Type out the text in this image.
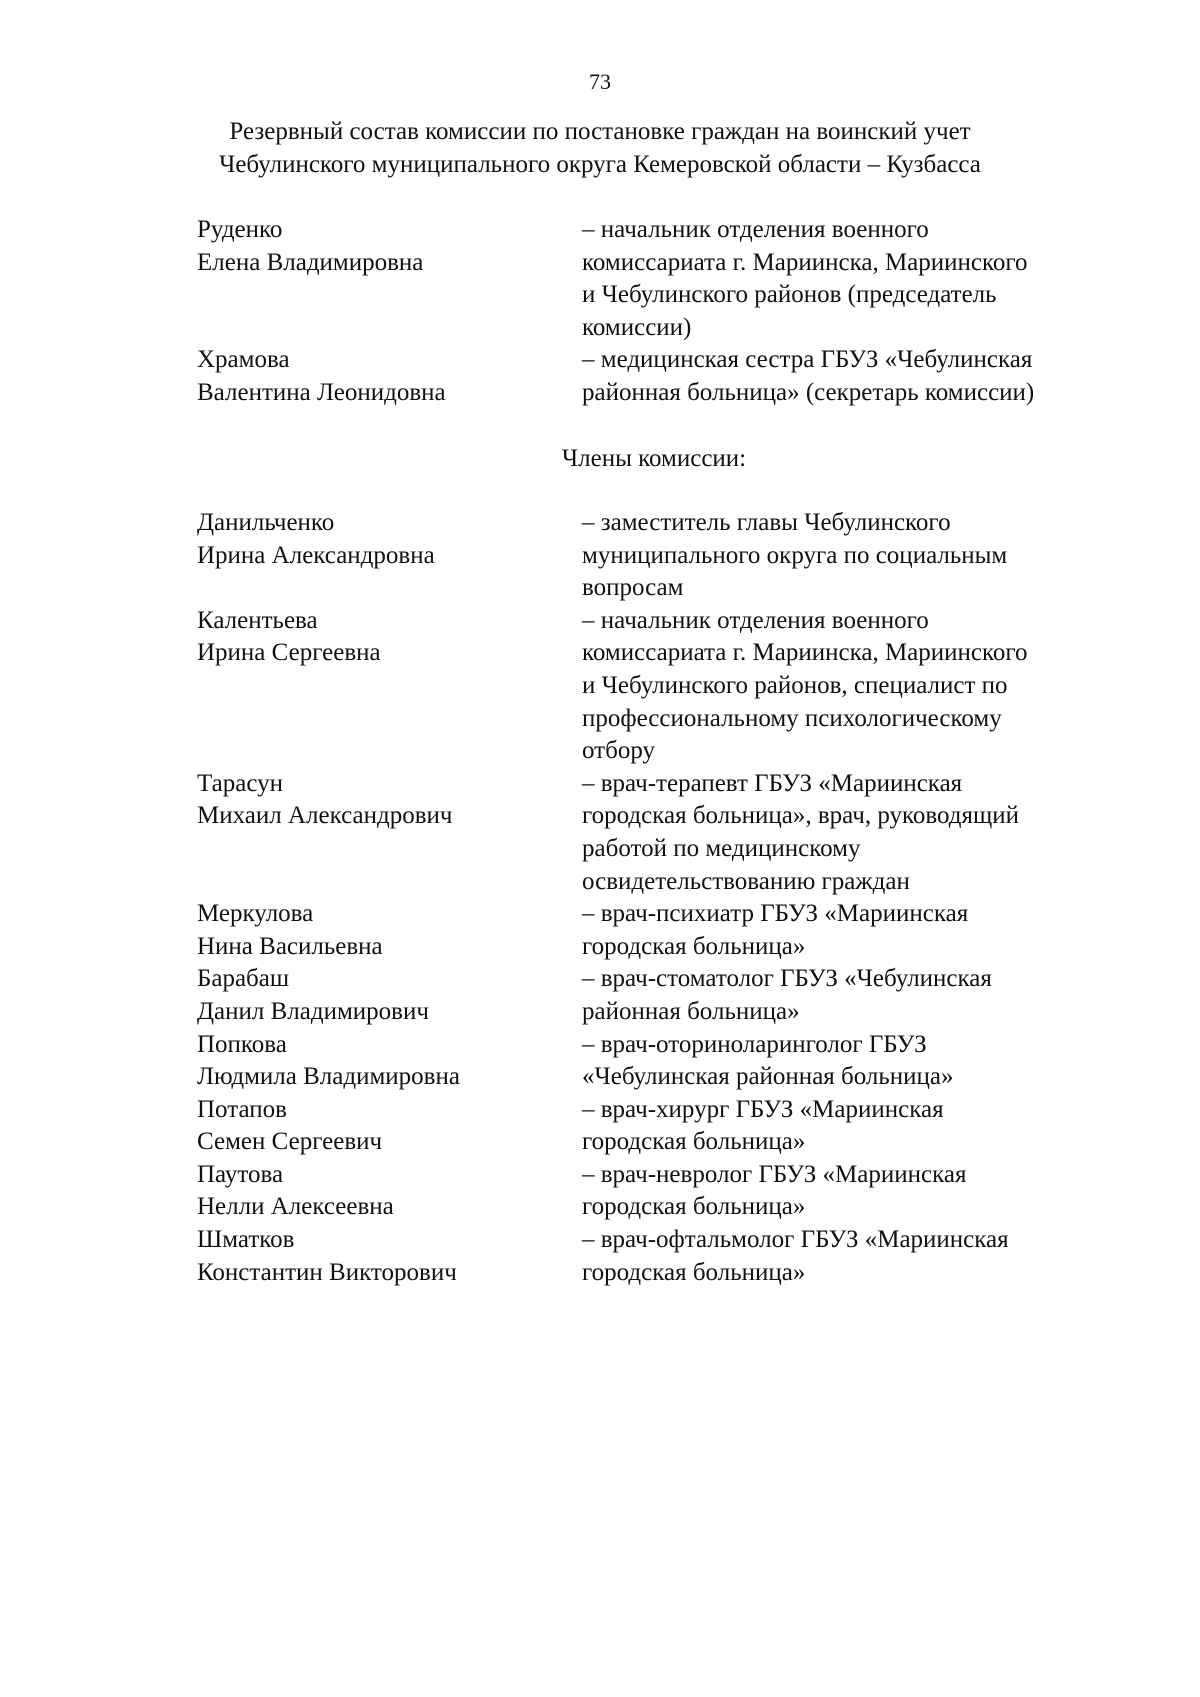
73
Резервный состав комиссии по постановке граждан на воинский учет
Чебулинского муниципального округа Кемеровской области – Кузбасса
Руденко
Елена Владимировна
– начальник отделения военного
комиссариата г. Мариинска, Мариинского
и Чебулинского районов (председатель
комиссии)
Храмова
Валентина Леонидовна
– медицинская сестра ГБУЗ «Чебулинская
районная больница» (секретарь комиссии)
Члены комиссии:
Данильченко
Ирина Александровна
– заместитель главы Чебулинского
муниципального округа по социальным
вопросам
Калентьева
Ирина Сергеевна
– начальник отделения военного
комиссариата г. Мариинска, Мариинского
и Чебулинского районов, специалист по
профессиональному психологическому
отбору
Тарасун
Михаил Александрович
– врач-терапевт ГБУЗ «Мариинская
городская больница», врач, руководящий
работой по медицинскому
освидетельствованию граждан
Меркулова
Нина Васильевна
– врач-психиатр ГБУЗ «Мариинская
городская больница»
Барабаш
Данил Владимирович
– врач-стоматолог ГБУЗ «Чебулинская
районная больница»
Попкова
Людмила Владимировна
– врач-оториноларинголог ГБУЗ
«Чебулинская районная больница»
Потапов
Семен Сергеевич
– врач-хирург ГБУЗ «Мариинская
городская больница»
Паутова
Нелли Алексеевна
– врач-невролог ГБУЗ «Мариинская
городская больница»
Шматков
Константин Викторович
– врач-офтальмолог ГБУЗ «Мариинская
городская больница»
